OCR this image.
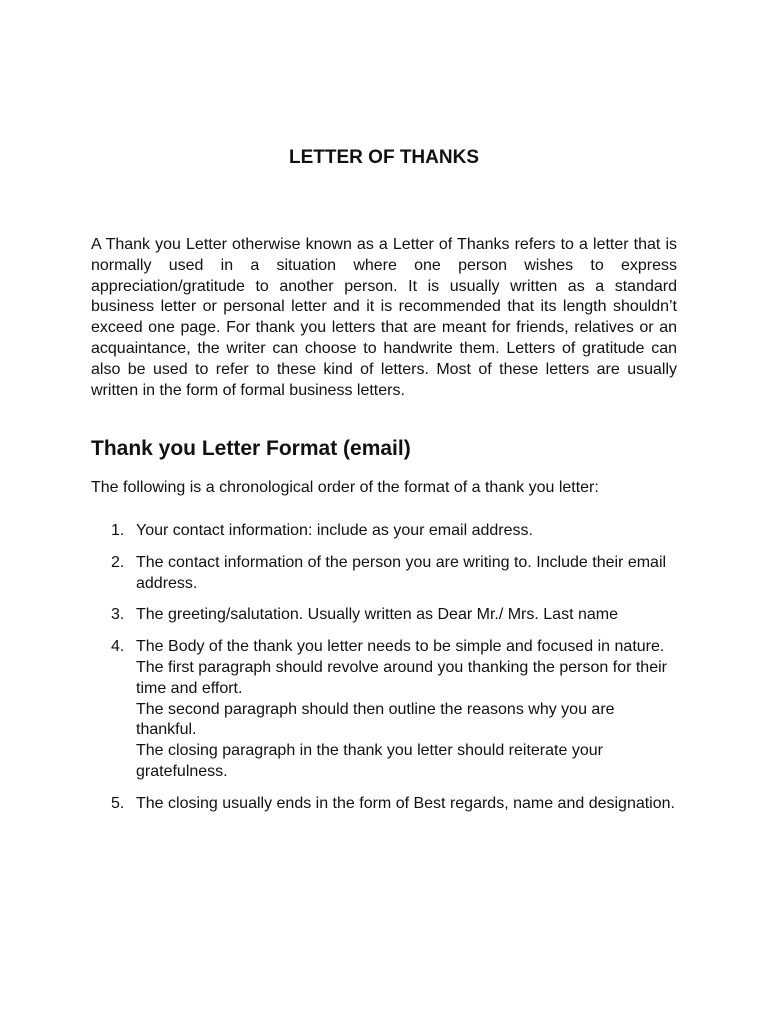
LETTER OF THANKS

A Thank you Letter otherwise known as a Letter of Thanks refers to a letter that is normally used in a situation where one person wishes to express appreciation/gratitude to another person. It is usually written as a standard business letter or personal letter and it is recommended that its length shouldn’t exceed one page. For thank you letters that are meant for friends, relatives or an acquaintance, the writer can choose to handwrite them. Letters of gratitude can also be used to refer to these kind of letters. Most of these letters are usually written in the form of formal business letters.

Thank you Letter Format (email)

The following is a chronological order of the format of a thank you letter:

1. Your contact information: include as your email address.
2. The contact information of the person you are writing to. Include their email address.
3. The greeting/salutation. Usually written as Dear Mr./ Mrs. Last name
4. The Body of the thank you letter needs to be simple and focused in nature.
The first paragraph should revolve around you thanking the person for their time and effort.
The second paragraph should then outline the reasons why you are thankful.
The closing paragraph in the thank you letter should reiterate your gratefulness.
5. The closing usually ends in the form of Best regards, name and designation.
